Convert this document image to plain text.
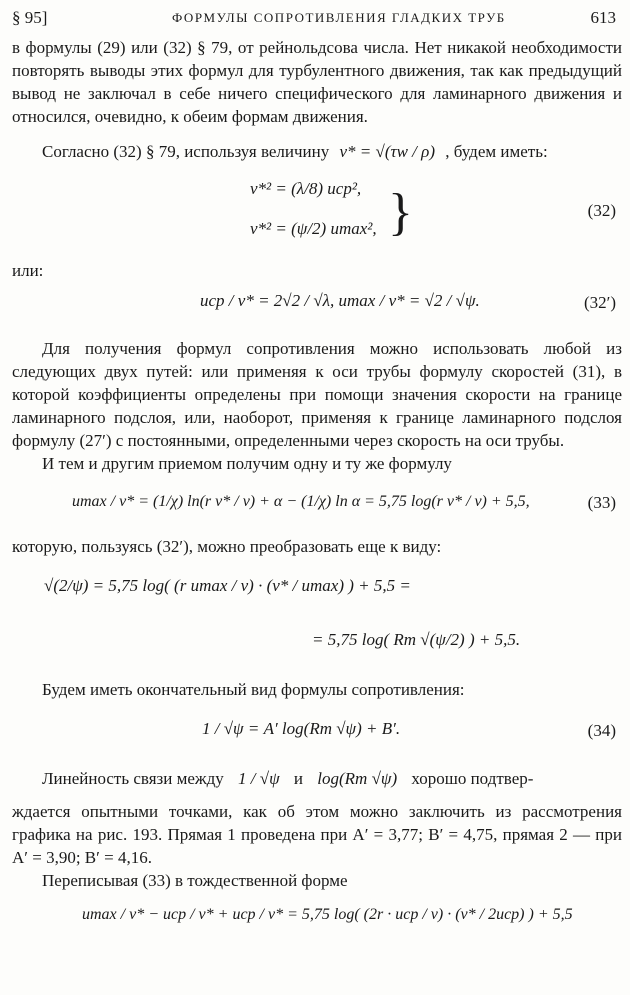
§ 95]	ФОРМУЛЫ СОПРОТИВЛЕНИЯ ГЛАДКИХ ТРУБ	613

в формулы (29) или (32) § 79, от рейнольдсова числа. Нет никакой необходимости повторять выводы этих формул для турбулентного движения, так как предыдущий вывод не заключал в себе ничего специфического для ламинарного движения и относился, очевидно, к обеим формам движения.

Согласно (32) § 79, используя величину v* = √(τw / ρ) , будем иметь:

v*² = (λ/8) uср²,
v*² = (ψ/2) umax², }	(32)
или:
uср / v* = 2√2 / √λ, umax / v* = √2 / √ψ.	(32′)

Для получения формул сопротивления можно использовать любой из следующих двух путей: или применяя к оси трубы формулу скоростей (31), в которой коэффициенты определены при помощи значения скорости на границе ламинарного подслоя, или, наоборот, применяя к границе ламинарного подслоя формулу (27′) с постоянными, определенными через скорость на оси трубы.

И тем и другим приемом получим одну и ту же формулу

umax / v* = (1/χ) ln(r v* / ν) + α − (1/χ) ln α = 5,75 log(r v* / ν) + 5,5,	(33)

которую, пользуясь (32′), можно преобразовать еще к виду:

√(2/ψ) = 5,75 log( (r umax / ν) · (v* / umax) ) + 5,5 =
= 5,75 log( Rm √(ψ/2) ) + 5,5.

Будем иметь окончательный вид формулы сопротивления:

1 / √ψ = A′ log(Rm √ψ) + B′.	(34)

Линейность связи между 1 / √ψ и log(Rm √ψ) хорошо подтвер-

ждается опытными точками, как об этом можно заключить из рассмотрения графика на рис. 193. Прямая 1 проведена при A′ = 3,77; B′ = 4,75, прямая 2 — при A′ = 3,90; B′ = 4,16.

Переписывая (33) в тождественной форме

umax / v* − uср / v* + uср / v* = 5,75 log( (2r · uср / ν) · (v* / 2uср) ) + 5,5
